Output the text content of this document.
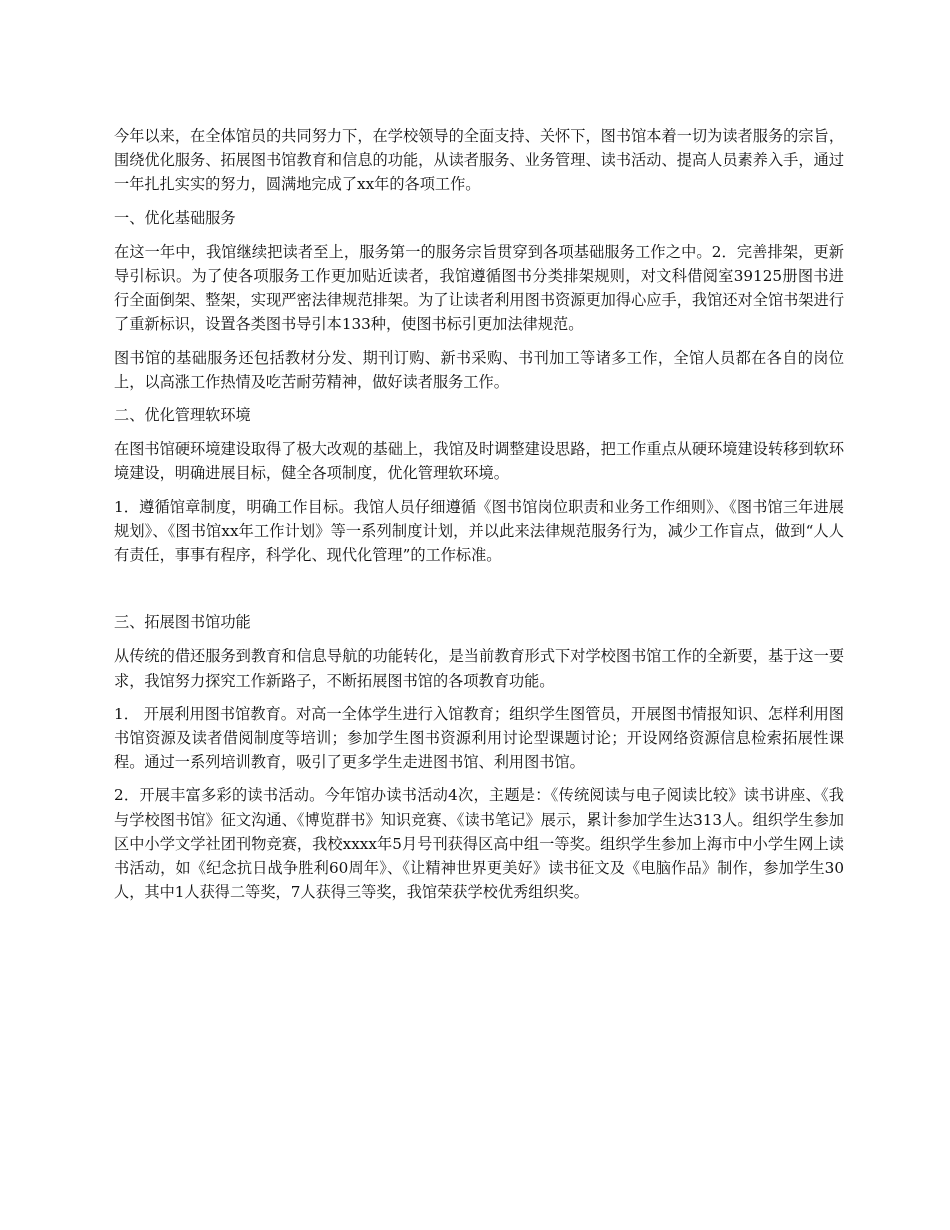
今年以来，在全体馆员的共同努力下，在学校领导的全面支持、关怀下，图书馆本着一切为读者服务的宗旨，围绕优化服务、拓展图书馆教育和信息的功能，从读者服务、业务管理、读书活动、提高人员素养入手，通过一年扎扎实实的努力，圆满地完成了xx年的各项工作。

一、优化基础服务

在这一年中，我馆继续把读者至上，服务第一的服务宗旨贯穿到各项基础服务工作之中。2．完善排架，更新导引标识。为了使各项服务工作更加贴近读者，我馆遵循图书分类排架规则，对文科借阅室39125册图书进行全面倒架、整架，实现严密法律规范排架。为了让读者利用图书资源更加得心应手，我馆还对全馆书架进行了重新标识，设置各类图书导引本133种，使图书标引更加法律规范。

图书馆的基础服务还包括教材分发、期刊订购、新书采购、书刊加工等诸多工作，全馆人员都在各自的岗位上，以高涨工作热情及吃苦耐劳精神，做好读者服务工作。

二、优化管理软环境

在图书馆硬环境建设取得了极大改观的基础上，我馆及时调整建设思路，把工作重点从硬环境建设转移到软环境建设，明确进展目标，健全各项制度，优化管理软环境。

1．遵循馆章制度，明确工作目标。我馆人员仔细遵循《图书馆岗位职责和业务工作细则》、《图书馆三年进展规划》、《图书馆xx年工作计划》等一系列制度计划，并以此来法律规范服务行为，减少工作盲点，做到“人人有责任，事事有程序，科学化、现代化管理”的工作标准。

三、拓展图书馆功能

从传统的借还服务到教育和信息导航的功能转化，是当前教育形式下对学校图书馆工作的全新要，基于这一要求，我馆努力探究工作新路子，不断拓展图书馆的各项教育功能。

1． 开展利用图书馆教育。对高一全体学生进行入馆教育；组织学生图管员，开展图书情报知识、怎样利用图书馆资源及读者借阅制度等培训；参加学生图书资源利用讨论型课题讨论；开设网络资源信息检索拓展性课程。通过一系列培训教育，吸引了更多学生走进图书馆、利用图书馆。

2．开展丰富多彩的读书活动。今年馆办读书活动4次，主题是：《传统阅读与电子阅读比较》读书讲座、《我与学校图书馆》征文沟通、《博览群书》知识竞赛、《读书笔记》展示，累计参加学生达313人。组织学生参加区中小学文学社团刊物竞赛，我校xxxx年5月号刊获得区高中组一等奖。组织学生参加上海市中小学生网上读书活动，如《纪念抗日战争胜利60周年》、《让精神世界更美好》读书征文及《电脑作品》制作，参加学生30人，其中1人获得二等奖，7人获得三等奖，我馆荣获学校优秀组织奖。
